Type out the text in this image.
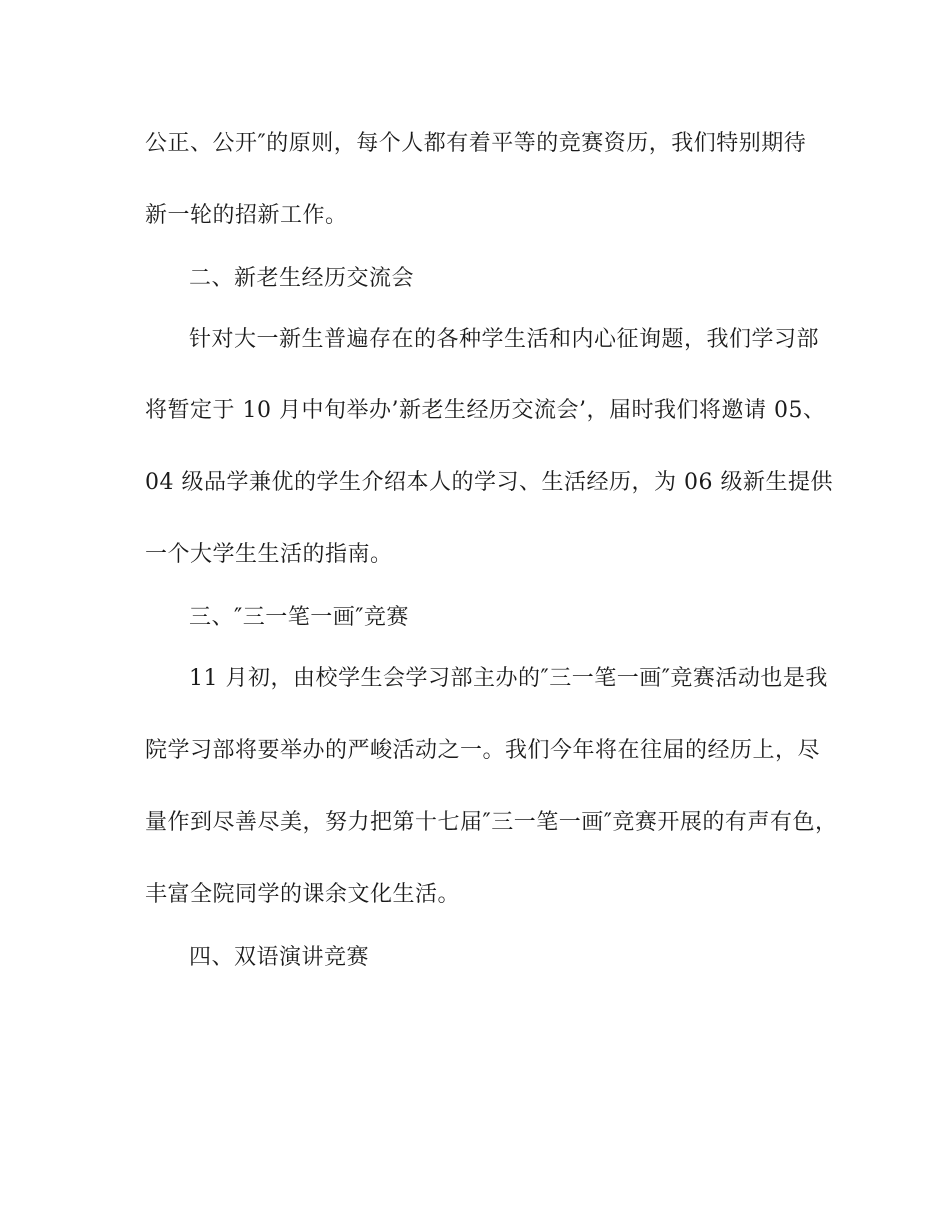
公正、公开″的原则，每个人都有着平等的竞赛资历，我们特别期待
新一轮的招新工作。
二、新老生经历交流会
针对大一新生普遍存在的各种学生活和内心征询题，我们学习部
将暂定于 10 月中旬举办’新老生经历交流会’，届时我们将邀请 05、
04 级品学兼优的学生介绍本人的学习、生活经历，为 06 级新生提供
一个大学生生活的指南。
三、″三一笔一画″竞赛
11 月初，由校学生会学习部主办的″三一笔一画″竞赛活动也是我
院学习部将要举办的严峻活动之一。我们今年将在往届的经历上，尽
量作到尽善尽美，努力把第十七届″三一笔一画″竞赛开展的有声有色，
丰富全院同学的课余文化生活。
四、双语演讲竞赛
